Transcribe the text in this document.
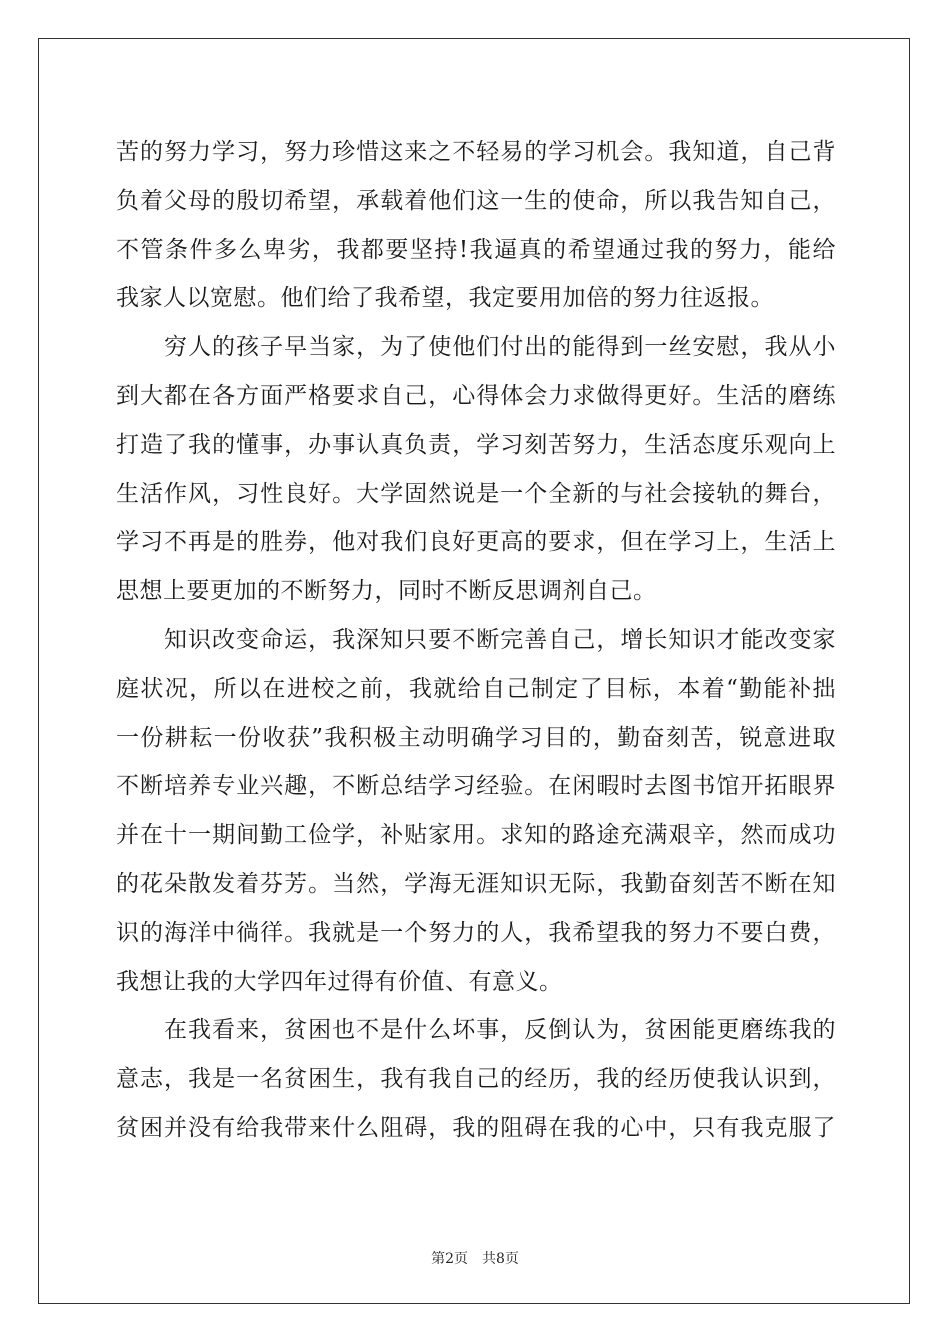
苦的努力学习，努力珍惜这来之不轻易的学习机会。我知道，自己背
负着父母的殷切希望，承载着他们这一生的使命，所以我告知自己，
不管条件多么卑劣，我都要坚持!我逼真的希望通过我的努力，能给
我家人以宽慰。他们给了我希望，我定要用加倍的努力往返报。
穷人的孩子早当家，为了使他们付出的能得到一丝安慰，我从小
到大都在各方面严格要求自己，心得体会力求做得更好。生活的磨练
打造了我的懂事，办事认真负责，学习刻苦努力，生活态度乐观向上
生活作风，习性良好。大学固然说是一个全新的与社会接轨的舞台，
学习不再是的胜券，他对我们良好更高的要求，但在学习上，生活上
思想上要更加的不断努力，同时不断反思调剂自己。
知识改变命运，我深知只要不断完善自己，增长知识才能改变家
庭状况，所以在进校之前，我就给自己制定了目标，本着“勤能补拙
一份耕耘一份收获”我积极主动明确学习目的，勤奋刻苦，锐意进取
不断培养专业兴趣，不断总结学习经验。在闲暇时去图书馆开拓眼界
并在十一期间勤工俭学，补贴家用。求知的路途充满艰辛，然而成功
的花朵散发着芬芳。当然，学海无涯知识无际，我勤奋刻苦不断在知
识的海洋中徜徉。我就是一个努力的人，我希望我的努力不要白费，
我想让我的大学四年过得有价值、有意义。
在我看来，贫困也不是什么坏事，反倒认为，贫困能更磨练我的
意志，我是一名贫困生，我有我自己的经历，我的经历使我认识到，
贫困并没有给我带来什么阻碍，我的阻碍在我的心中，只有我克服了
第2页 共8页
